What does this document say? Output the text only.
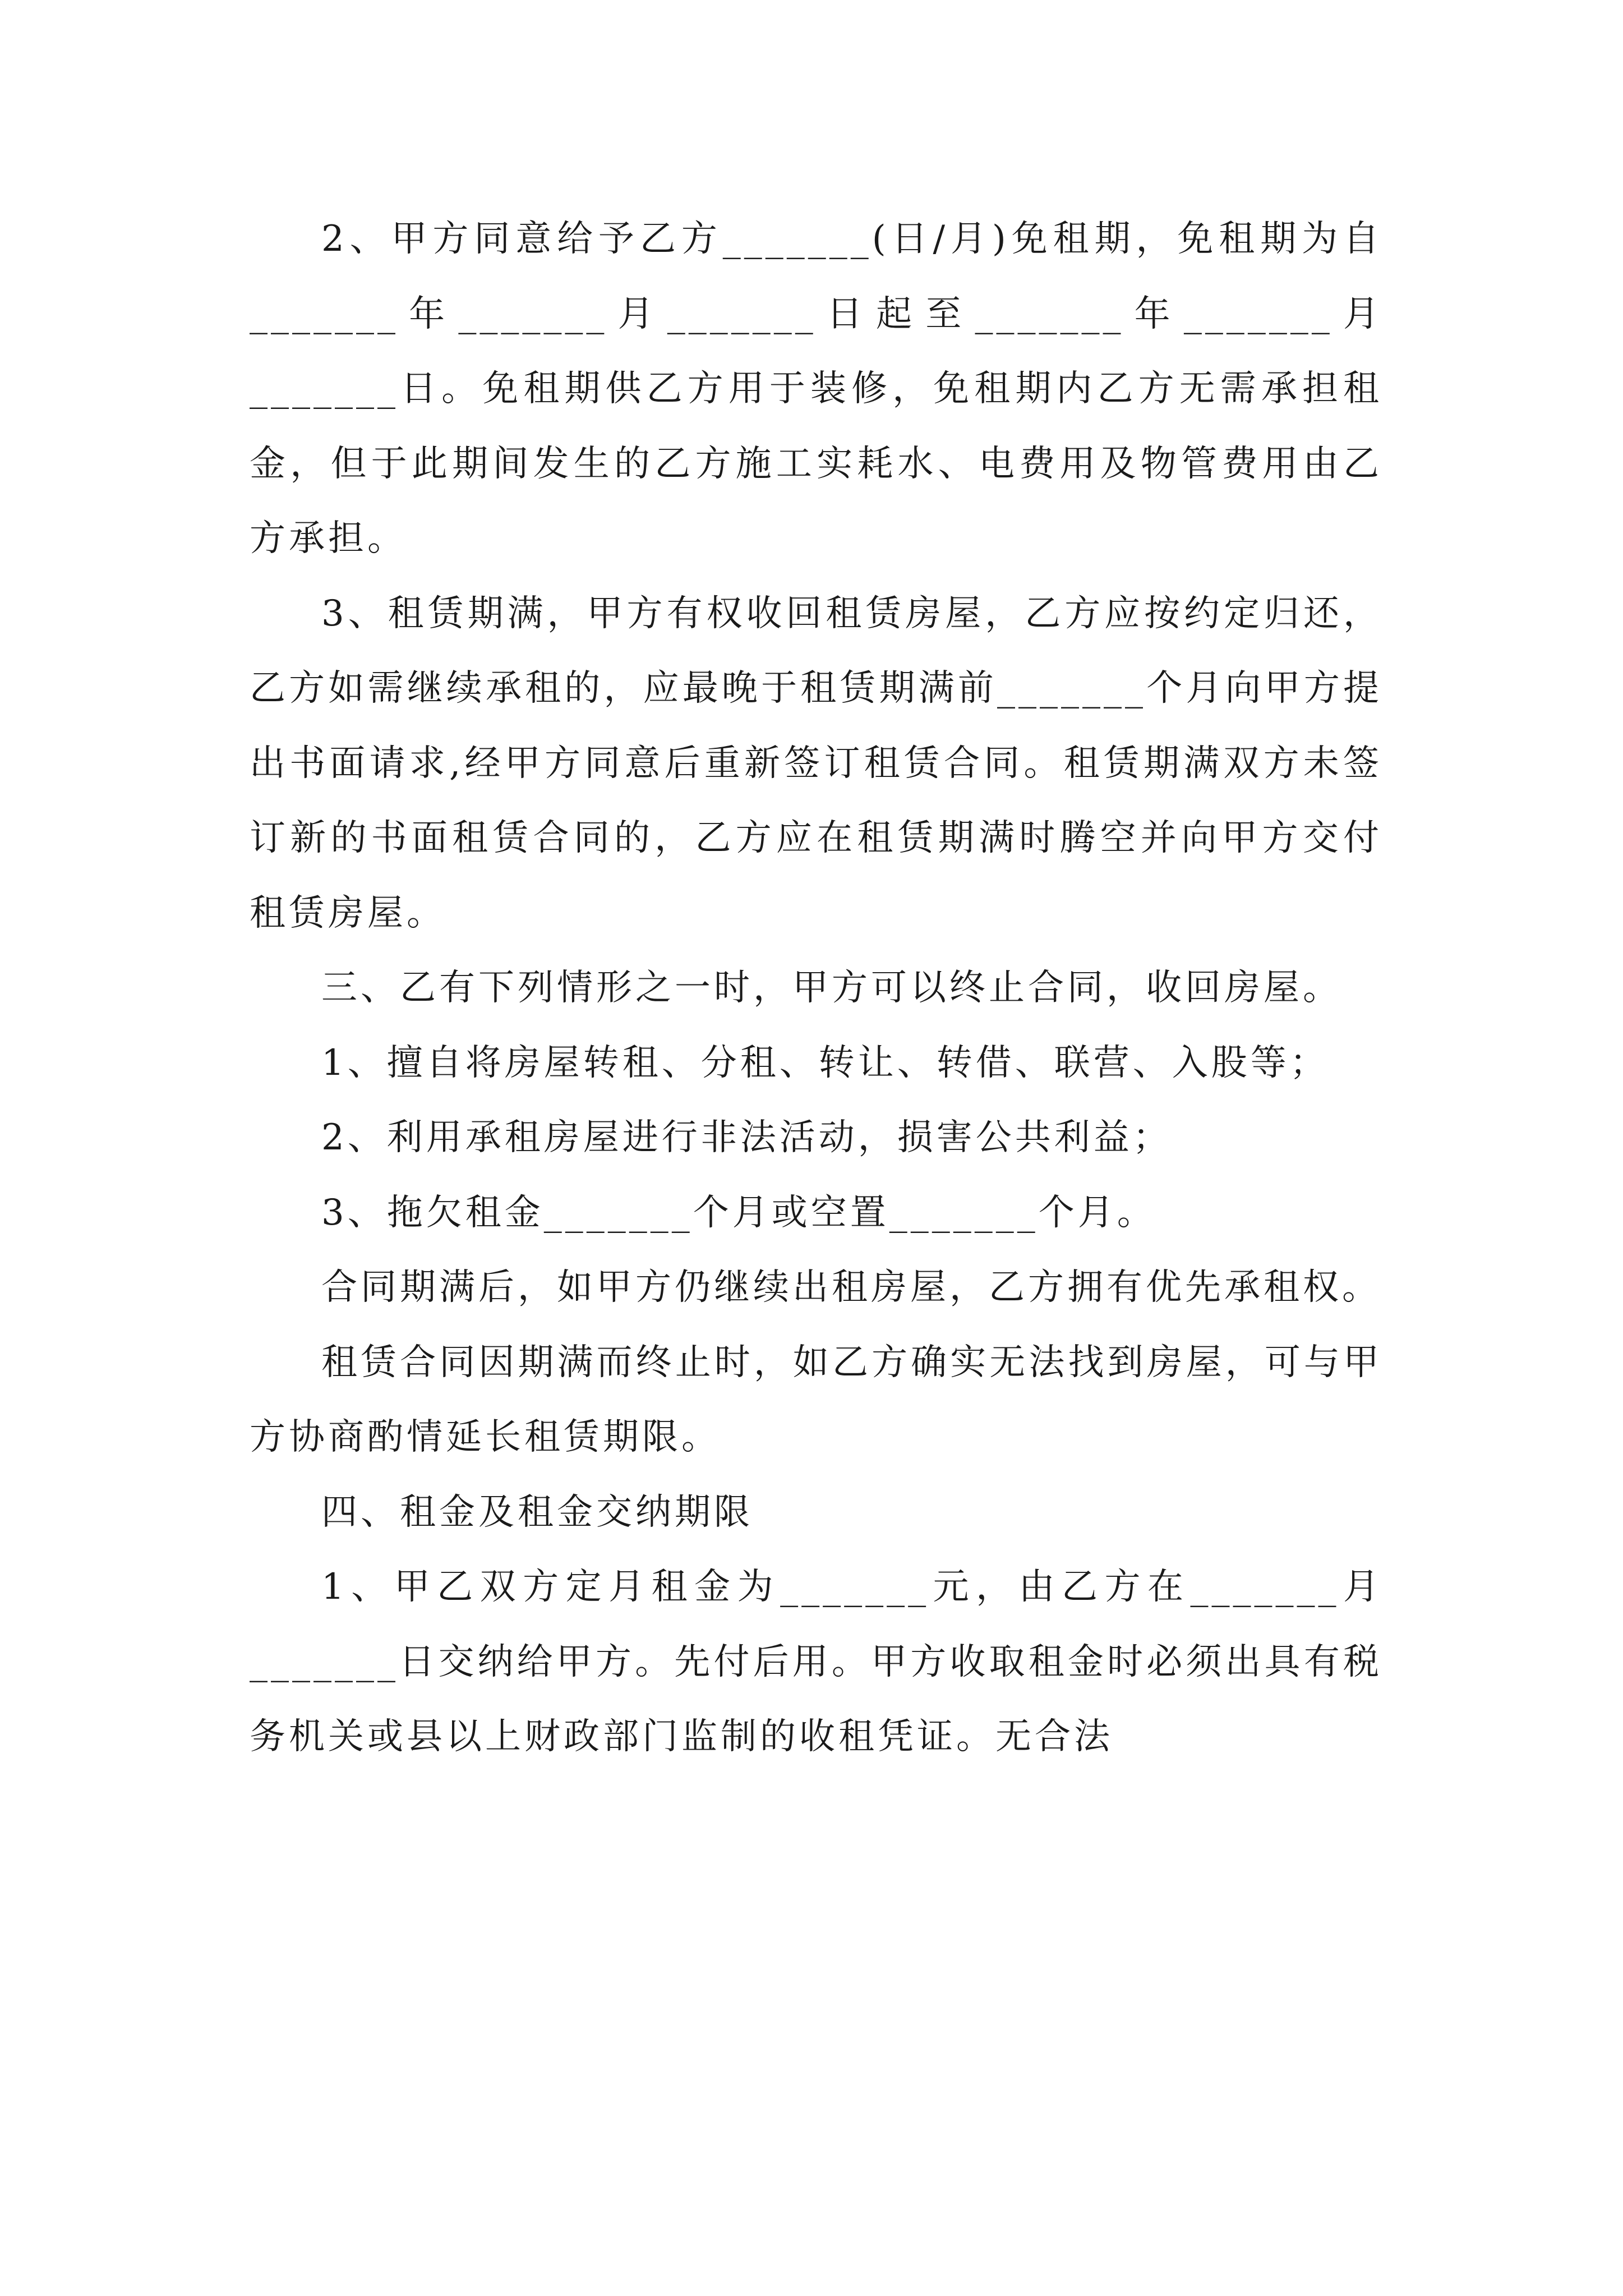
2、甲方同意给予乙方_______(日/月)免租期，免租期为自_______年_______月_______日起至_______年_______月_______日。免租期供乙方用于装修，免租期内乙方无需承担租金，但于此期间发生的乙方施工实耗水、电费用及物管费用由乙方承担。

3、租赁期满，甲方有权收回租赁房屋，乙方应按约定归还，乙方如需继续承租的，应最晚于租赁期满前_______个月向甲方提出书面请求,经甲方同意后重新签订租赁合同。租赁期满双方未签订新的书面租赁合同的，乙方应在租赁期满时腾空并向甲方交付租赁房屋。

三、乙有下列情形之一时，甲方可以终止合同，收回房屋。

1、擅自将房屋转租、分租、转让、转借、联营、入股等；

2、利用承租房屋进行非法活动，损害公共利益；

3、拖欠租金_______个月或空置_______个月。

合同期满后，如甲方仍继续出租房屋，乙方拥有优先承租权。

租赁合同因期满而终止时，如乙方确实无法找到房屋，可与甲方协商酌情延长租赁期限。

四、租金及租金交纳期限

1、甲乙双方定月租金为_______元，由乙方在_______月_______日交纳给甲方。先付后用。甲方收取租金时必须出具有税务机关或县以上财政部门监制的收租凭证。无合法
